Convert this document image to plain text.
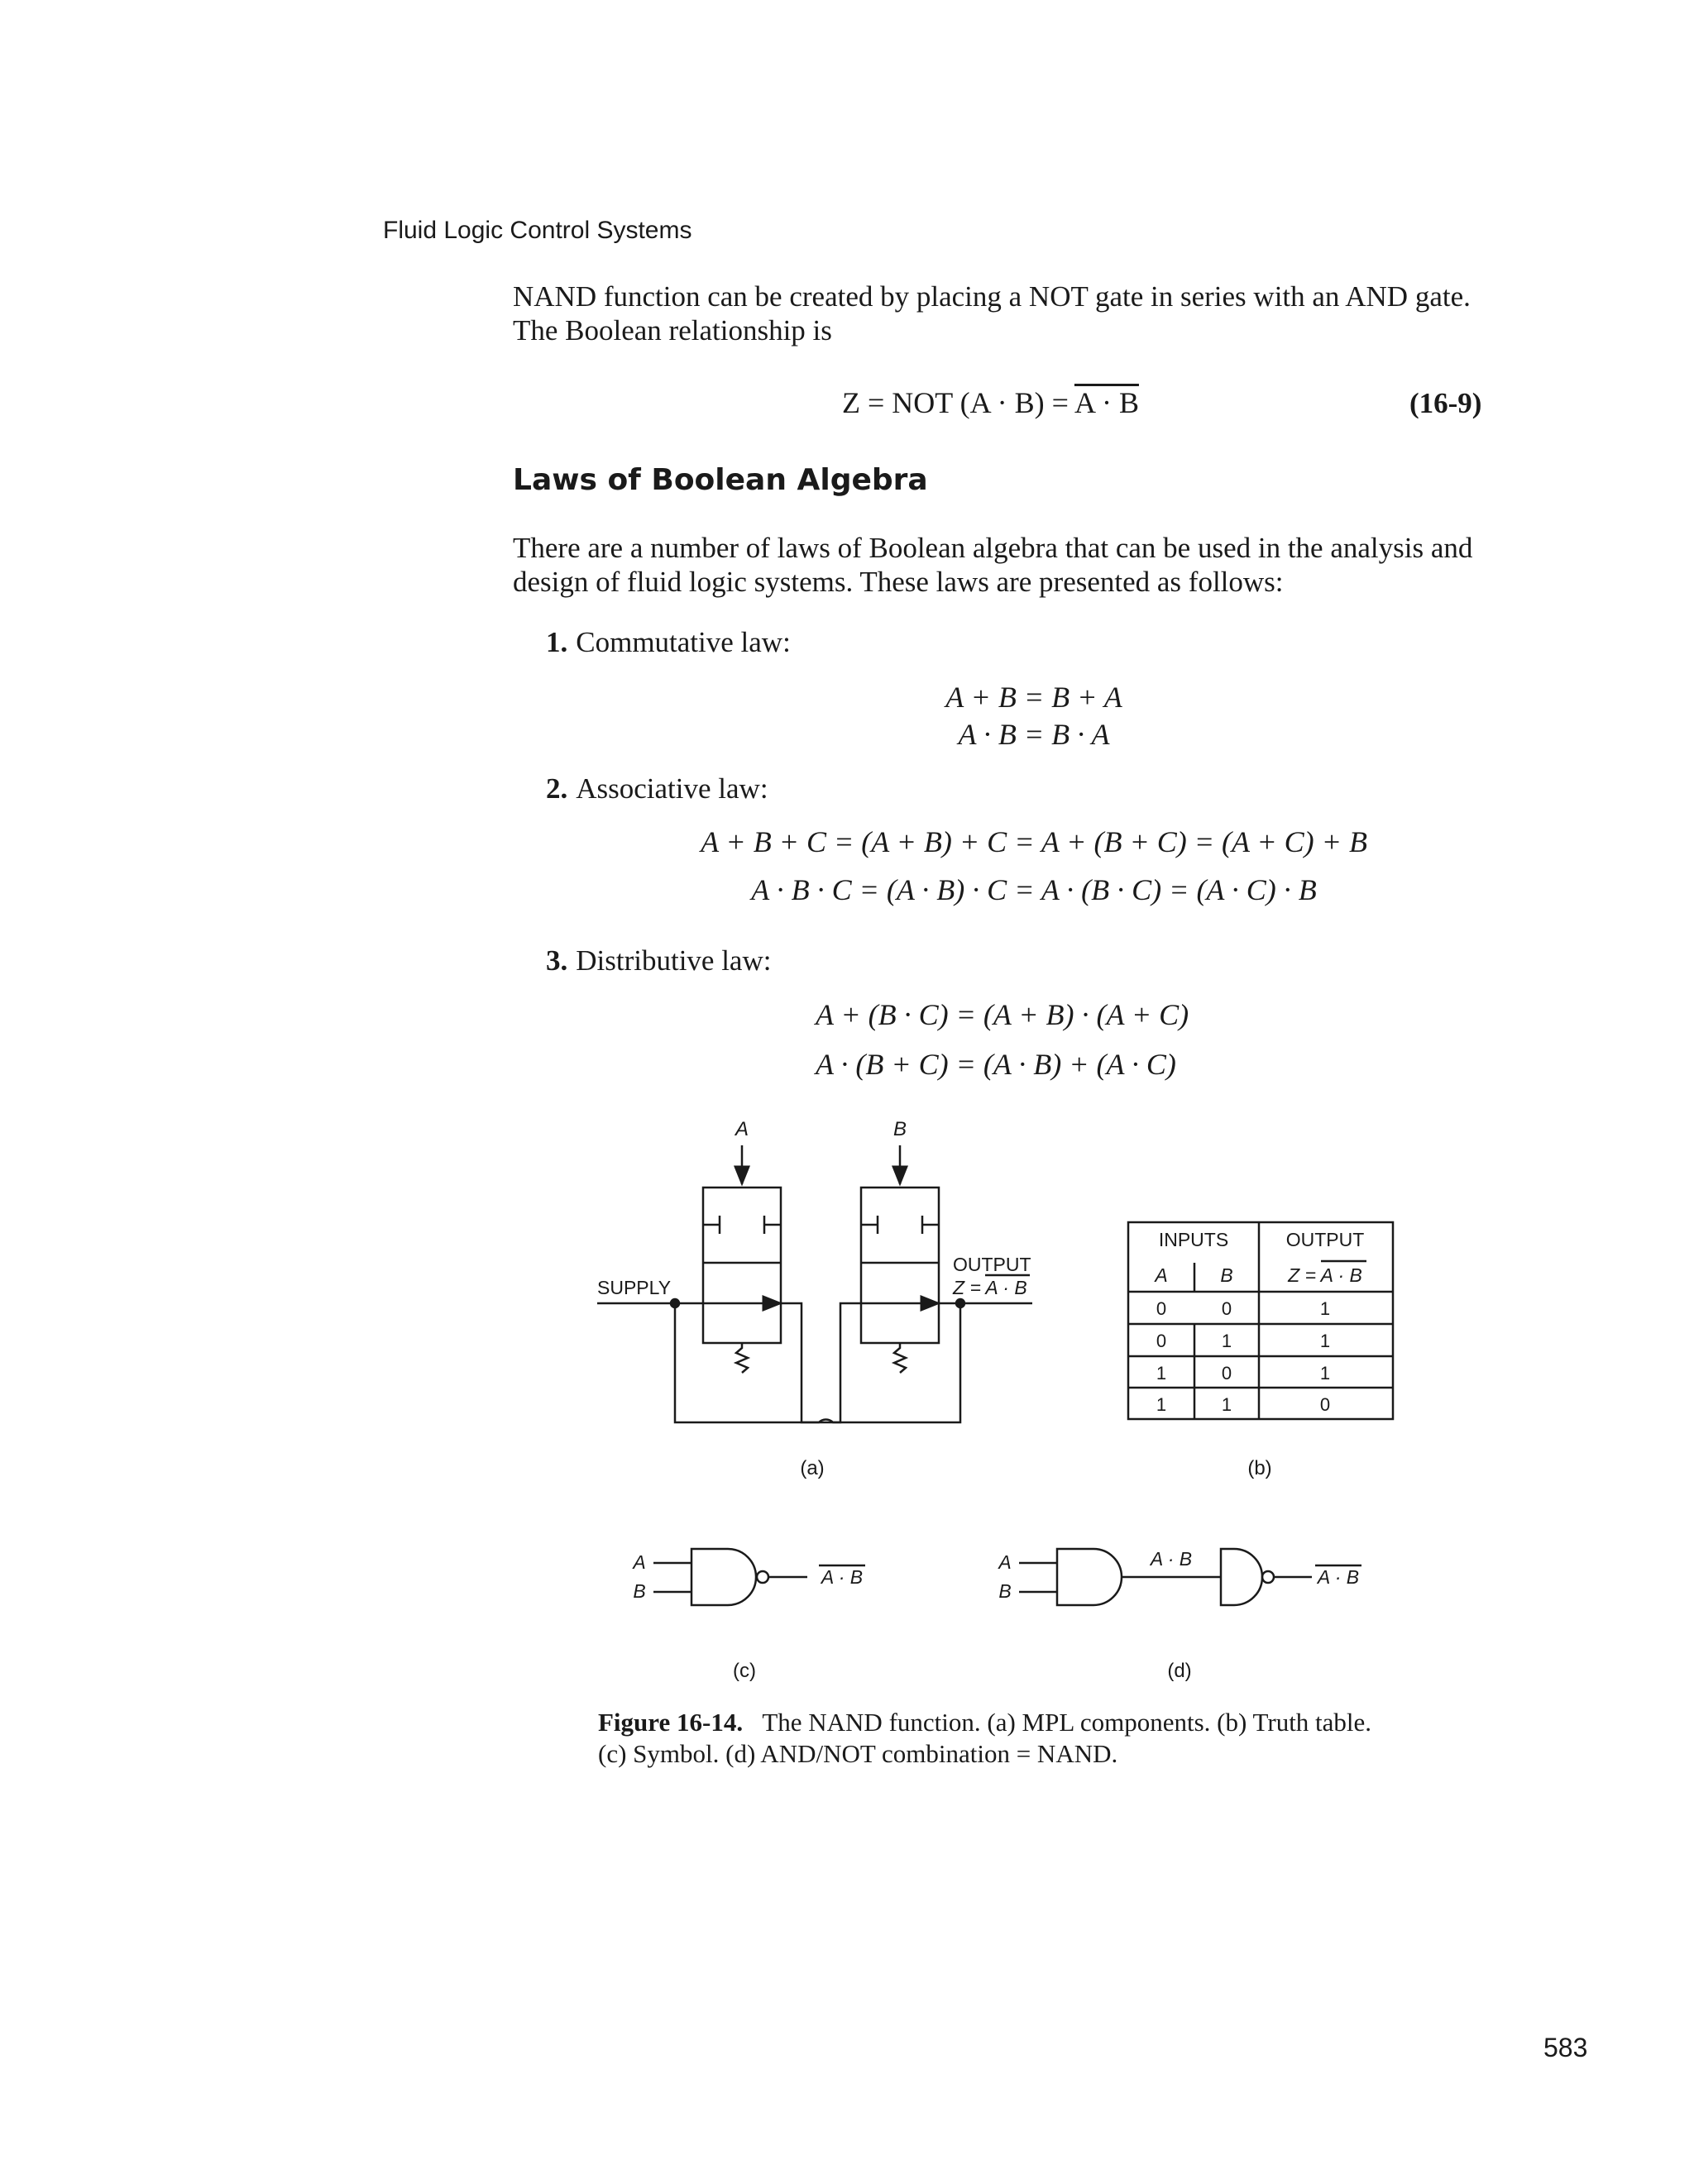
Fluid Logic Control Systems
NAND function can be created by placing a NOT gate in series with an AND gate.
The Boolean relationship is
Z = NOT (A · B) = A · B	(16-9)
Laws of Boolean Algebra
There are a number of laws of Boolean algebra that can be used in the analysis and
design of fluid logic systems. These laws are presented as follows:
1. Commutative law:
A + B = B + A
A · B = B · A
2. Associative law:
A + B + C = (A + B) + C = A + (B + C) = (A + C) + B
A · B · C = (A · B) · C = A · (B · C) = (A · C) · B
3. Distributive law:
A + (B · C) = (A + B) · (A + C)
A · (B + C) = (A · B) + (A · C)
A	B
SUPPLY
OUTPUT
Z = A · B
(a)
INPUTS	OUTPUT
A	B	Z = A · B
0	0	1
0	1	1
1	0	1
1	1	0
(b)
A
B
A · B
(c)
A
B
A · B
A · B
(d)
Figure 16-14. The NAND function. (a) MPL components. (b) Truth table.
(c) Symbol. (d) AND/NOT combination = NAND.
583
